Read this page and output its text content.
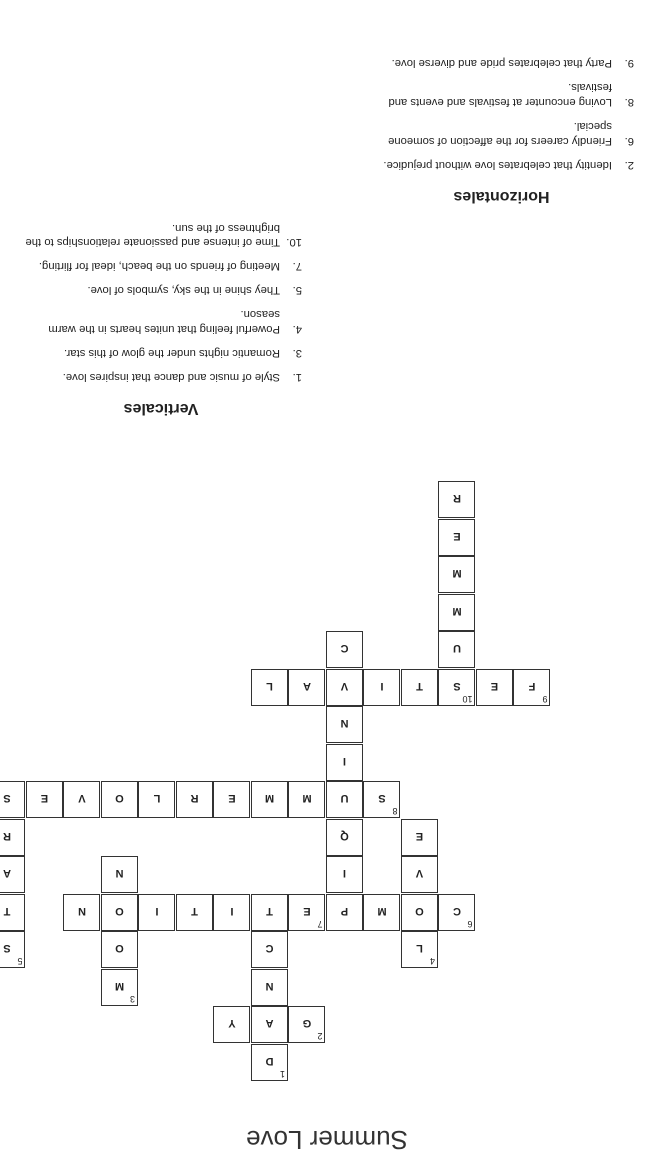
Summer Love
1
D
2
G
A
Y
N
3
M
C
O
4
L
5
S
6
C
O
M
P
7
E
T
I
T
I
O
N
T
V
I
N
A
E
Q
R
8
S
U
M
M
E
R
L
O
V
E
S
I
N
9
F
E
10
S
T
I
V
A
L
U
C
M
M
E
R
Verticales
1.
Style of music and dance that inspires love.
3.
Romantic nights under the glow of this star.
4.
Powerful feeling that unites hearts in the warm season.
5.
They shine in the sky, symbols of love.
7.
Meeting of friends on the beach, ideal for flirting.
10.
Time of intense and passionate relationships to the brightness of the sun.
Horizontales
2.
Identity that celebrates love without prejudice.
6.
Friendly careers for the affection of someone special.
8.
Loving encounter at festivals and events and festivals.
9.
Party that celebrates pride and diverse love.
